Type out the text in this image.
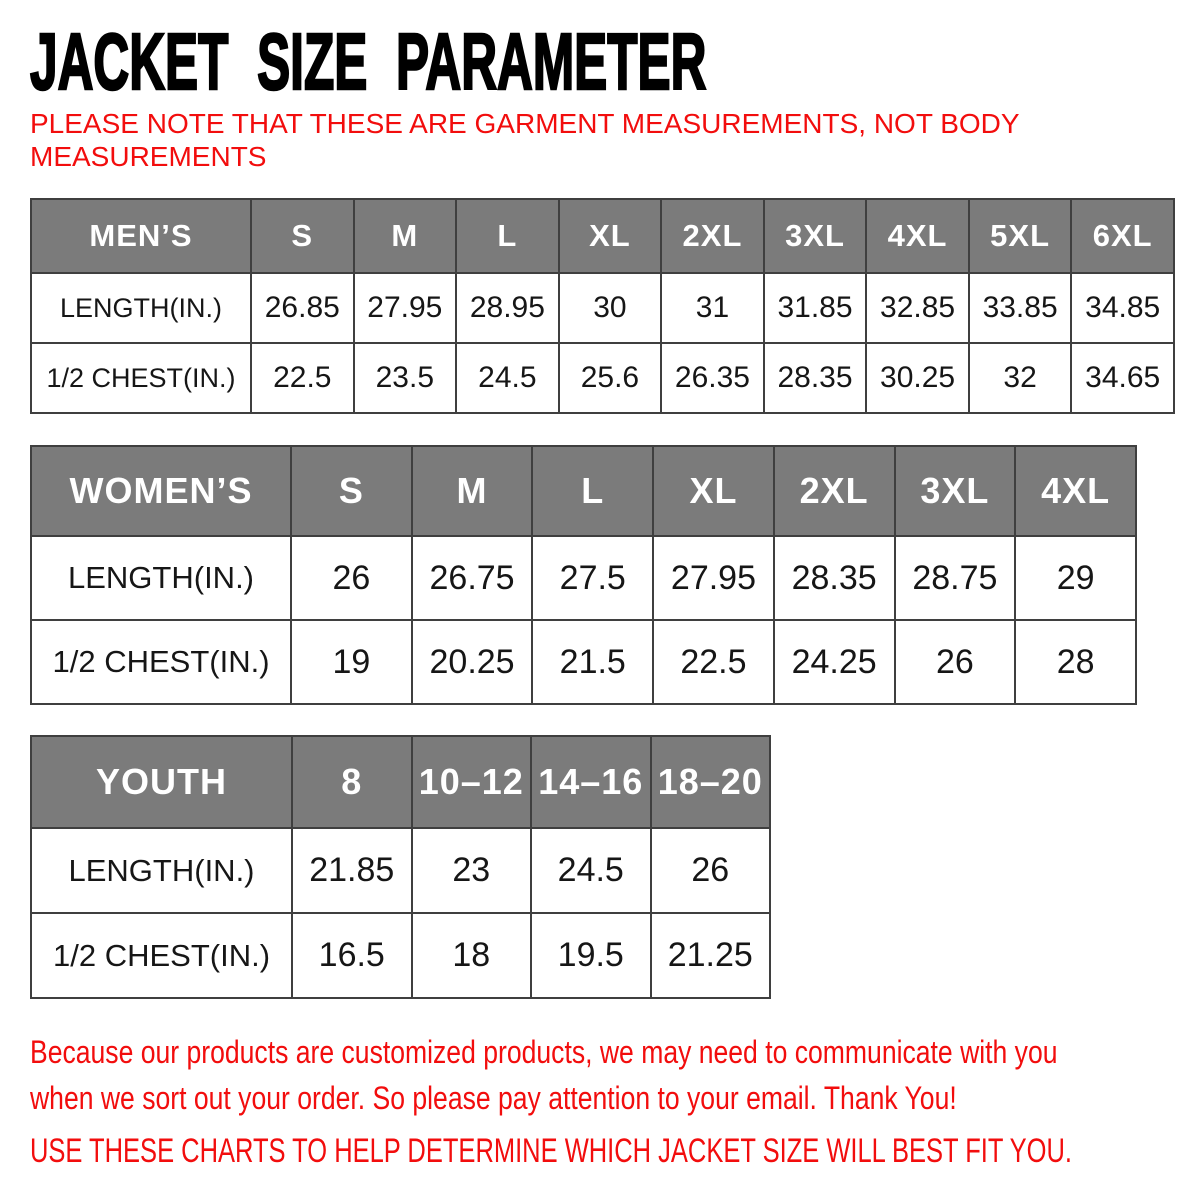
JACKET SIZE PARAMETER
PLEASE NOTE THAT THESE ARE GARMENT MEASUREMENTS, NOT BODY
MEASUREMENTS
MEN’S	S	M	L	XL	2XL	3XL	4XL	5XL	6XL
LENGTH(IN.)	26.85	27.95	28.95	30	31	31.85	32.85	33.85	34.85
1/2 CHEST(IN.)	22.5	23.5	24.5	25.6	26.35	28.35	30.25	32	34.65
WOMEN’S	S	M	L	XL	2XL	3XL	4XL
LENGTH(IN.)	26	26.75	27.5	27.95	28.35	28.75	29
1/2 CHEST(IN.)	19	20.25	21.5	22.5	24.25	26	28
YOUTH	8	10–12	14–16	18–20
LENGTH(IN.)	21.85	23	24.5	26
1/2 CHEST(IN.)	16.5	18	19.5	21.25
Because our products are customized products, we may need to communicate with you
when we sort out your order. So please pay attention to your email. Thank You!
USE THESE CHARTS TO HELP DETERMINE WHICH JACKET SIZE WILL BEST FIT YOU.
